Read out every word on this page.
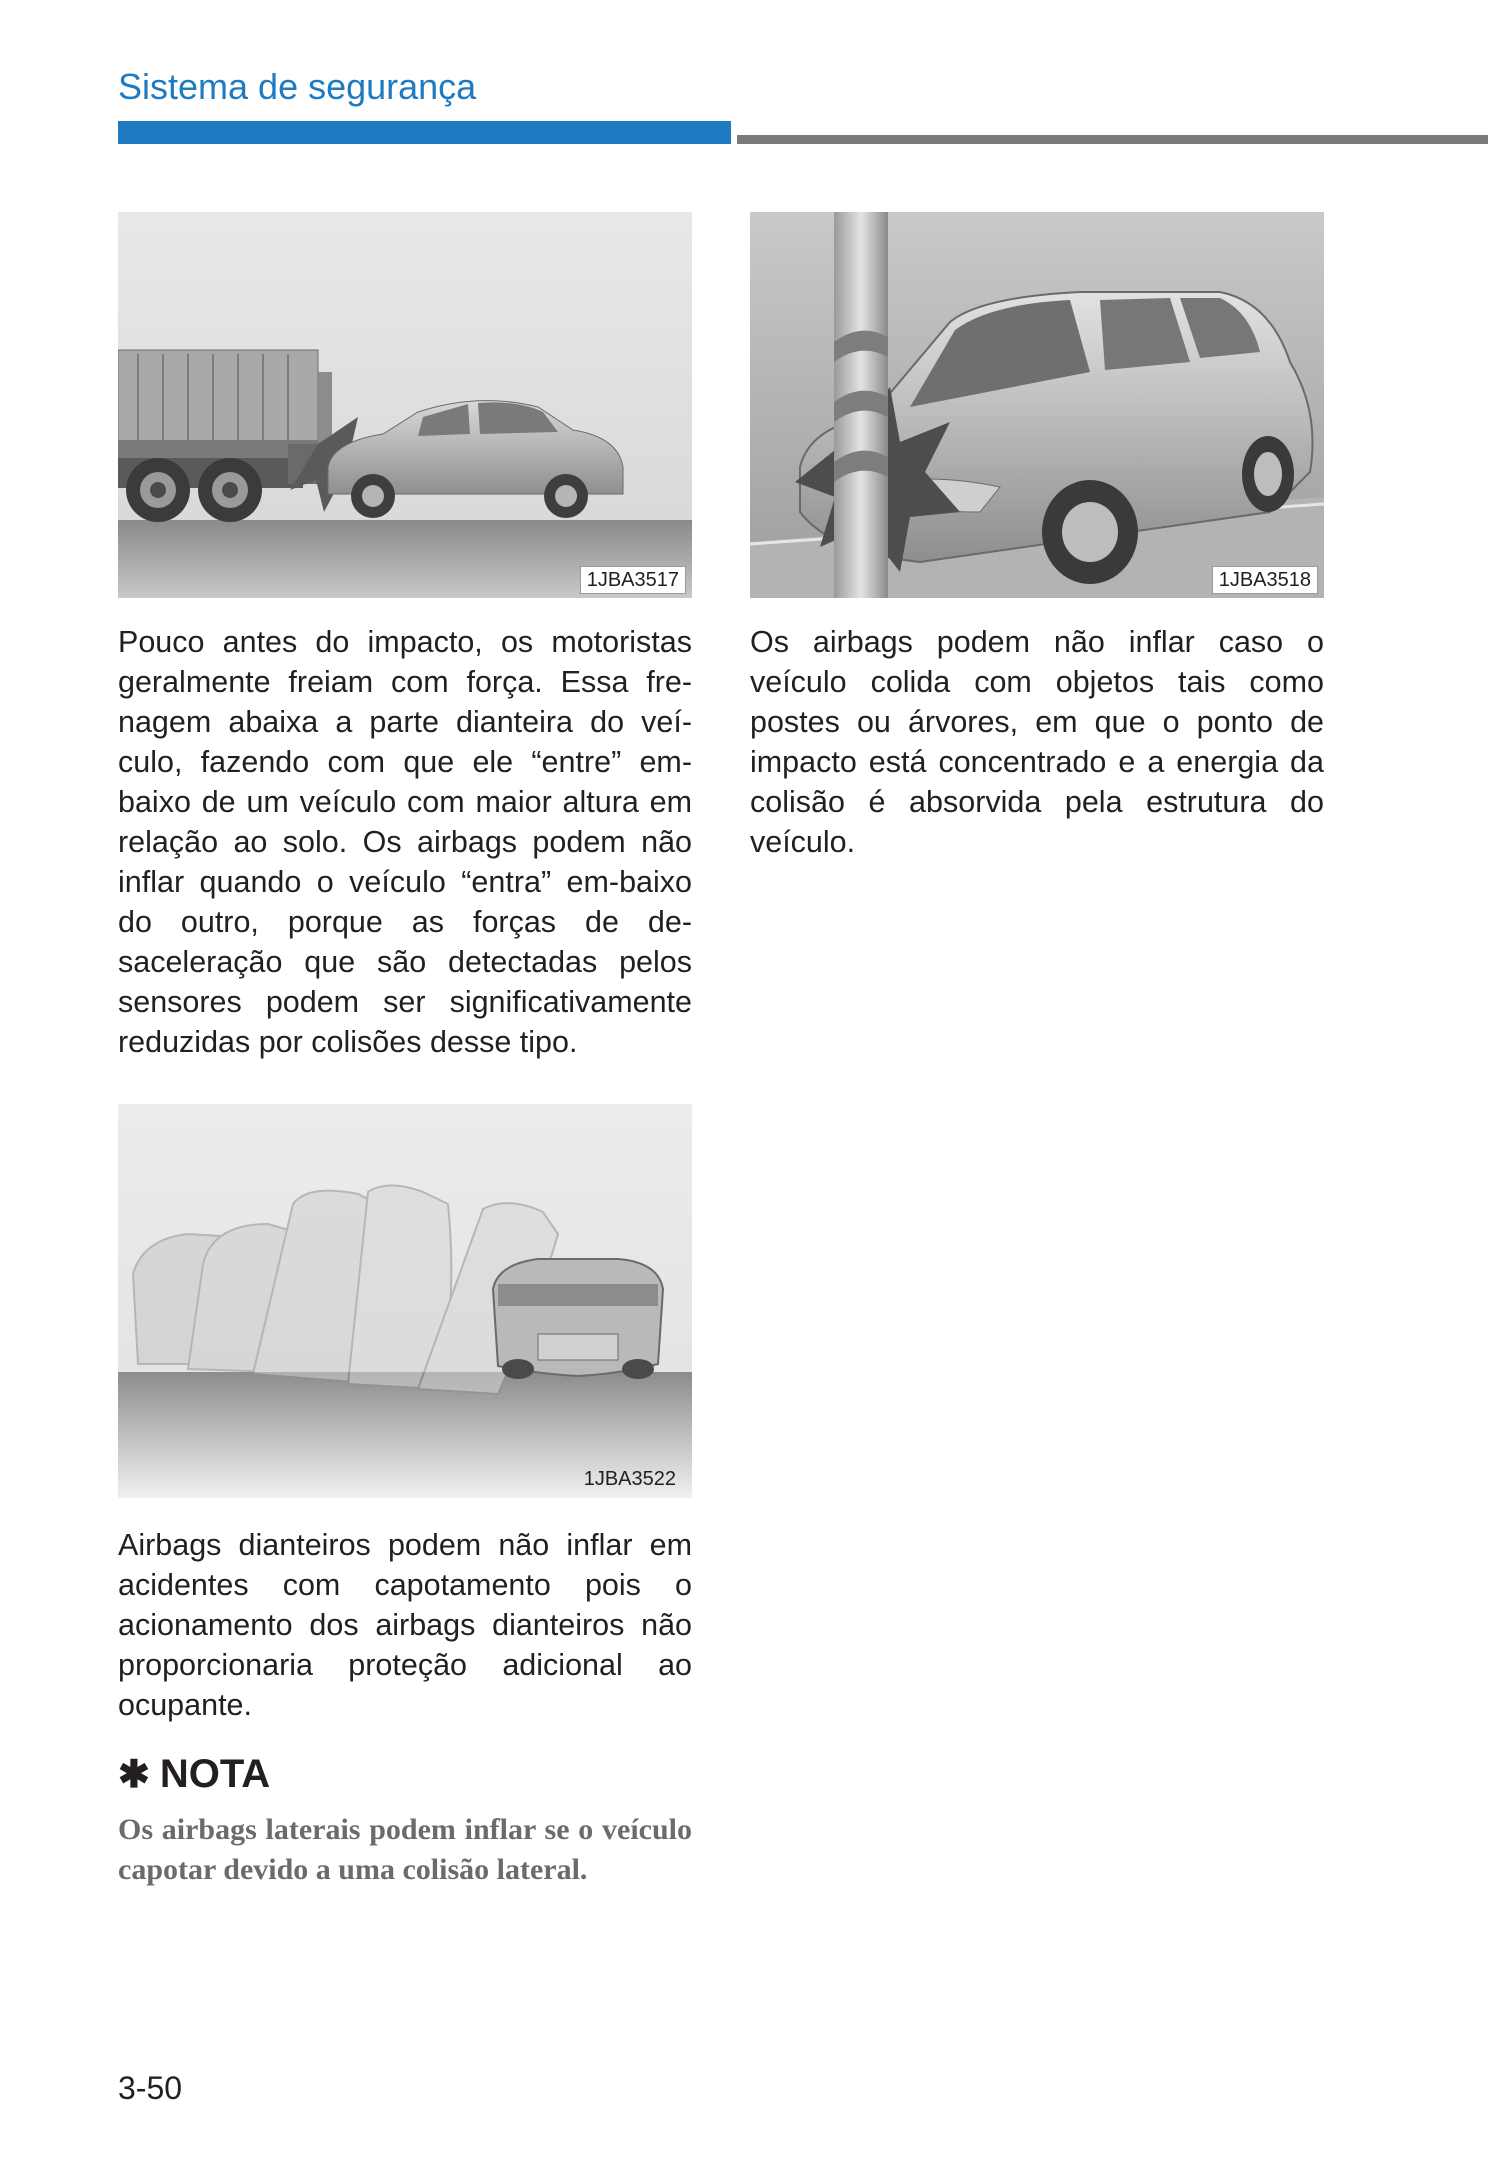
Sistema de segurança
1JBA3517	1JBA3518
1JBA3522

Pouco antes do impacto, os motoristas geralmente freiam com força. Essa fre-nagem abaixa a parte dianteira do veí-culo, fazendo com que ele “entre” em-baixo de um veículo com maior altura em relação ao solo. Os airbags podem não inflar quando o veículo “entra” em-baixo do outro, porque as forças de de-saceleração que são detectadas pelos sensores podem ser significativamente reduzidas por colisões desse tipo.

Os airbags podem não inflar caso o veículo colida com objetos tais como postes ou árvores, em que o ponto de impacto está concentrado e a energia da colisão é absorvida pela estrutura do veículo.

Airbags dianteiros podem não inflar em acidentes com capotamento pois o acionamento dos airbags dianteiros não proporcionaria proteção adicional ao ocupante.

✱ NOTA

Os airbags laterais podem inflar se o veículo capotar devido a uma colisão lateral.

3-50
